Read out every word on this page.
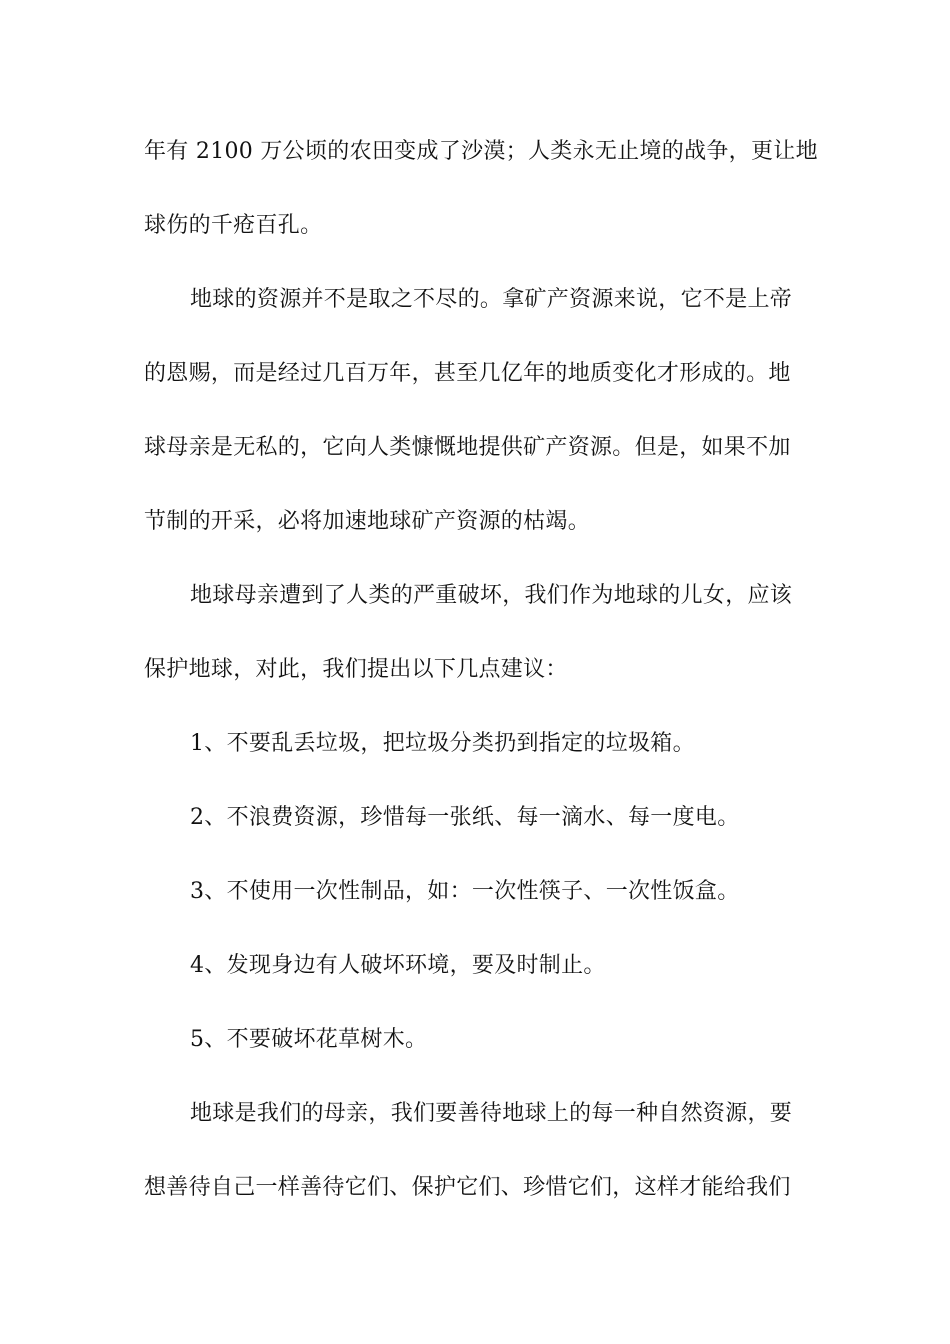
年有 2100 万公顷的农田变成了沙漠；人类永无止境的战争，更让地
球伤的千疮百孔。
地球的资源并不是取之不尽的。拿矿产资源来说，它不是上帝
的恩赐，而是经过几百万年，甚至几亿年的地质变化才形成的。地
球母亲是无私的，它向人类慷慨地提供矿产资源。但是，如果不加
节制的开采，必将加速地球矿产资源的枯竭。
地球母亲遭到了人类的严重破坏，我们作为地球的儿女，应该
保护地球，对此，我们提出以下几点建议：
1、不要乱丢垃圾，把垃圾分类扔到指定的垃圾箱。
2、不浪费资源，珍惜每一张纸、每一滴水、每一度电。
3、不使用一次性制品，如：一次性筷子、一次性饭盒。
4、发现身边有人破坏环境，要及时制止。
5、不要破坏花草树木。
地球是我们的母亲，我们要善待地球上的每一种自然资源，要
想善待自己一样善待它们、保护它们、珍惜它们，这样才能给我们
